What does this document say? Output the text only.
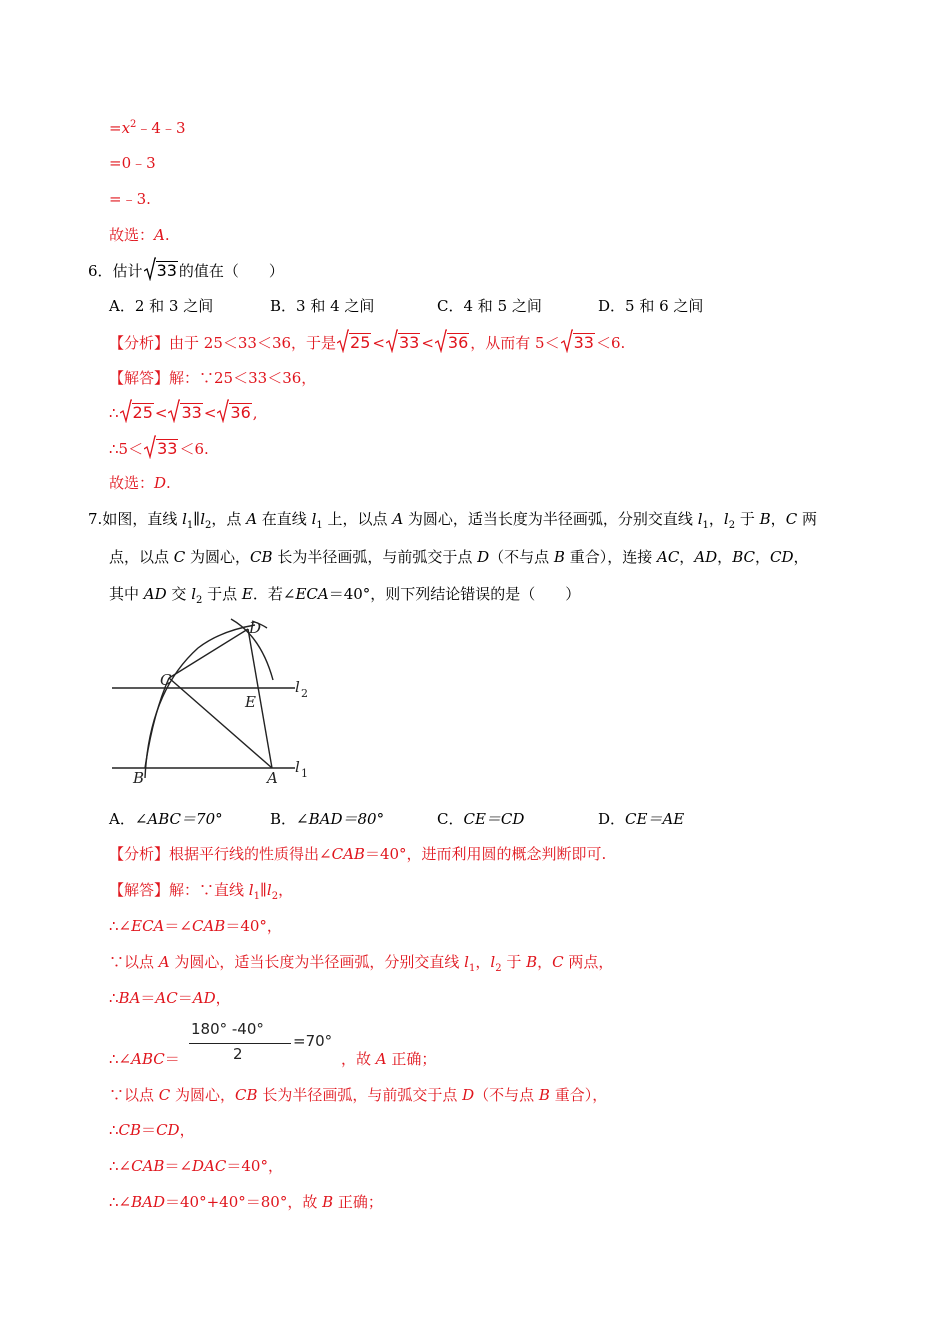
$=x^2﹣4﹣3$
=0﹣3
=﹣3.
故选：A.
6．估计 33 的值在（　　）
A．2 和 3 之间	B．3 和 4 之间	C．4 和 5 之间	D．5 和 6 之间
【分析】由于 25＜33＜36，于是 25 < 33 < 36 ，从而有 5＜ 33 ＜6.
【解答】解：∵25＜33＜36，
∴ 25 < 33 < 36 ,
∴5＜ 33 ＜6.
故选：D.
7.如图，直线 $l_1\parallel l_2$，点 A 在直线 $l_1$ 上，以点 A 为圆心，适当长度为半径画弧，分别交直线 $l_1$，$l_2$ 于 B，C 两
点，以点 C 为圆心，CB 长为半径画弧，与前弧交于点 D（不与点 B 重合），连接 AC，AD，BC，CD，
其中 AD 交 $l_2$ 于点 E．若∠ECA＝40°，则下列结论错误的是（　　）
D
C
E
l 2
B	A
l 1
A．∠ABC＝70°	B．∠BAD＝80°	C．CE＝CD	D．CE＝AE
【分析】根据平行线的性质得出∠CAB＝40°，进而利用圆的概念判断即可.
【解答】解：∵直线 $l_1\parallel l_2$，
∴∠ECA＝∠CAB＝40°，
∵以点 A 为圆心，适当长度为半径画弧，分别交直线 $l_1$，$l_2$ 于 B，C 两点，
∴BA＝AC＝AD，
∴∠ABC＝
180° -40°
2
=70°
，故 A 正确；
∵以点 C 为圆心，CB 长为半径画弧，与前弧交于点 D（不与点 B 重合），
∴CB＝CD，
∴∠CAB＝∠DAC＝40°，
∴∠BAD＝40°+40°＝80°，故 B 正确；
